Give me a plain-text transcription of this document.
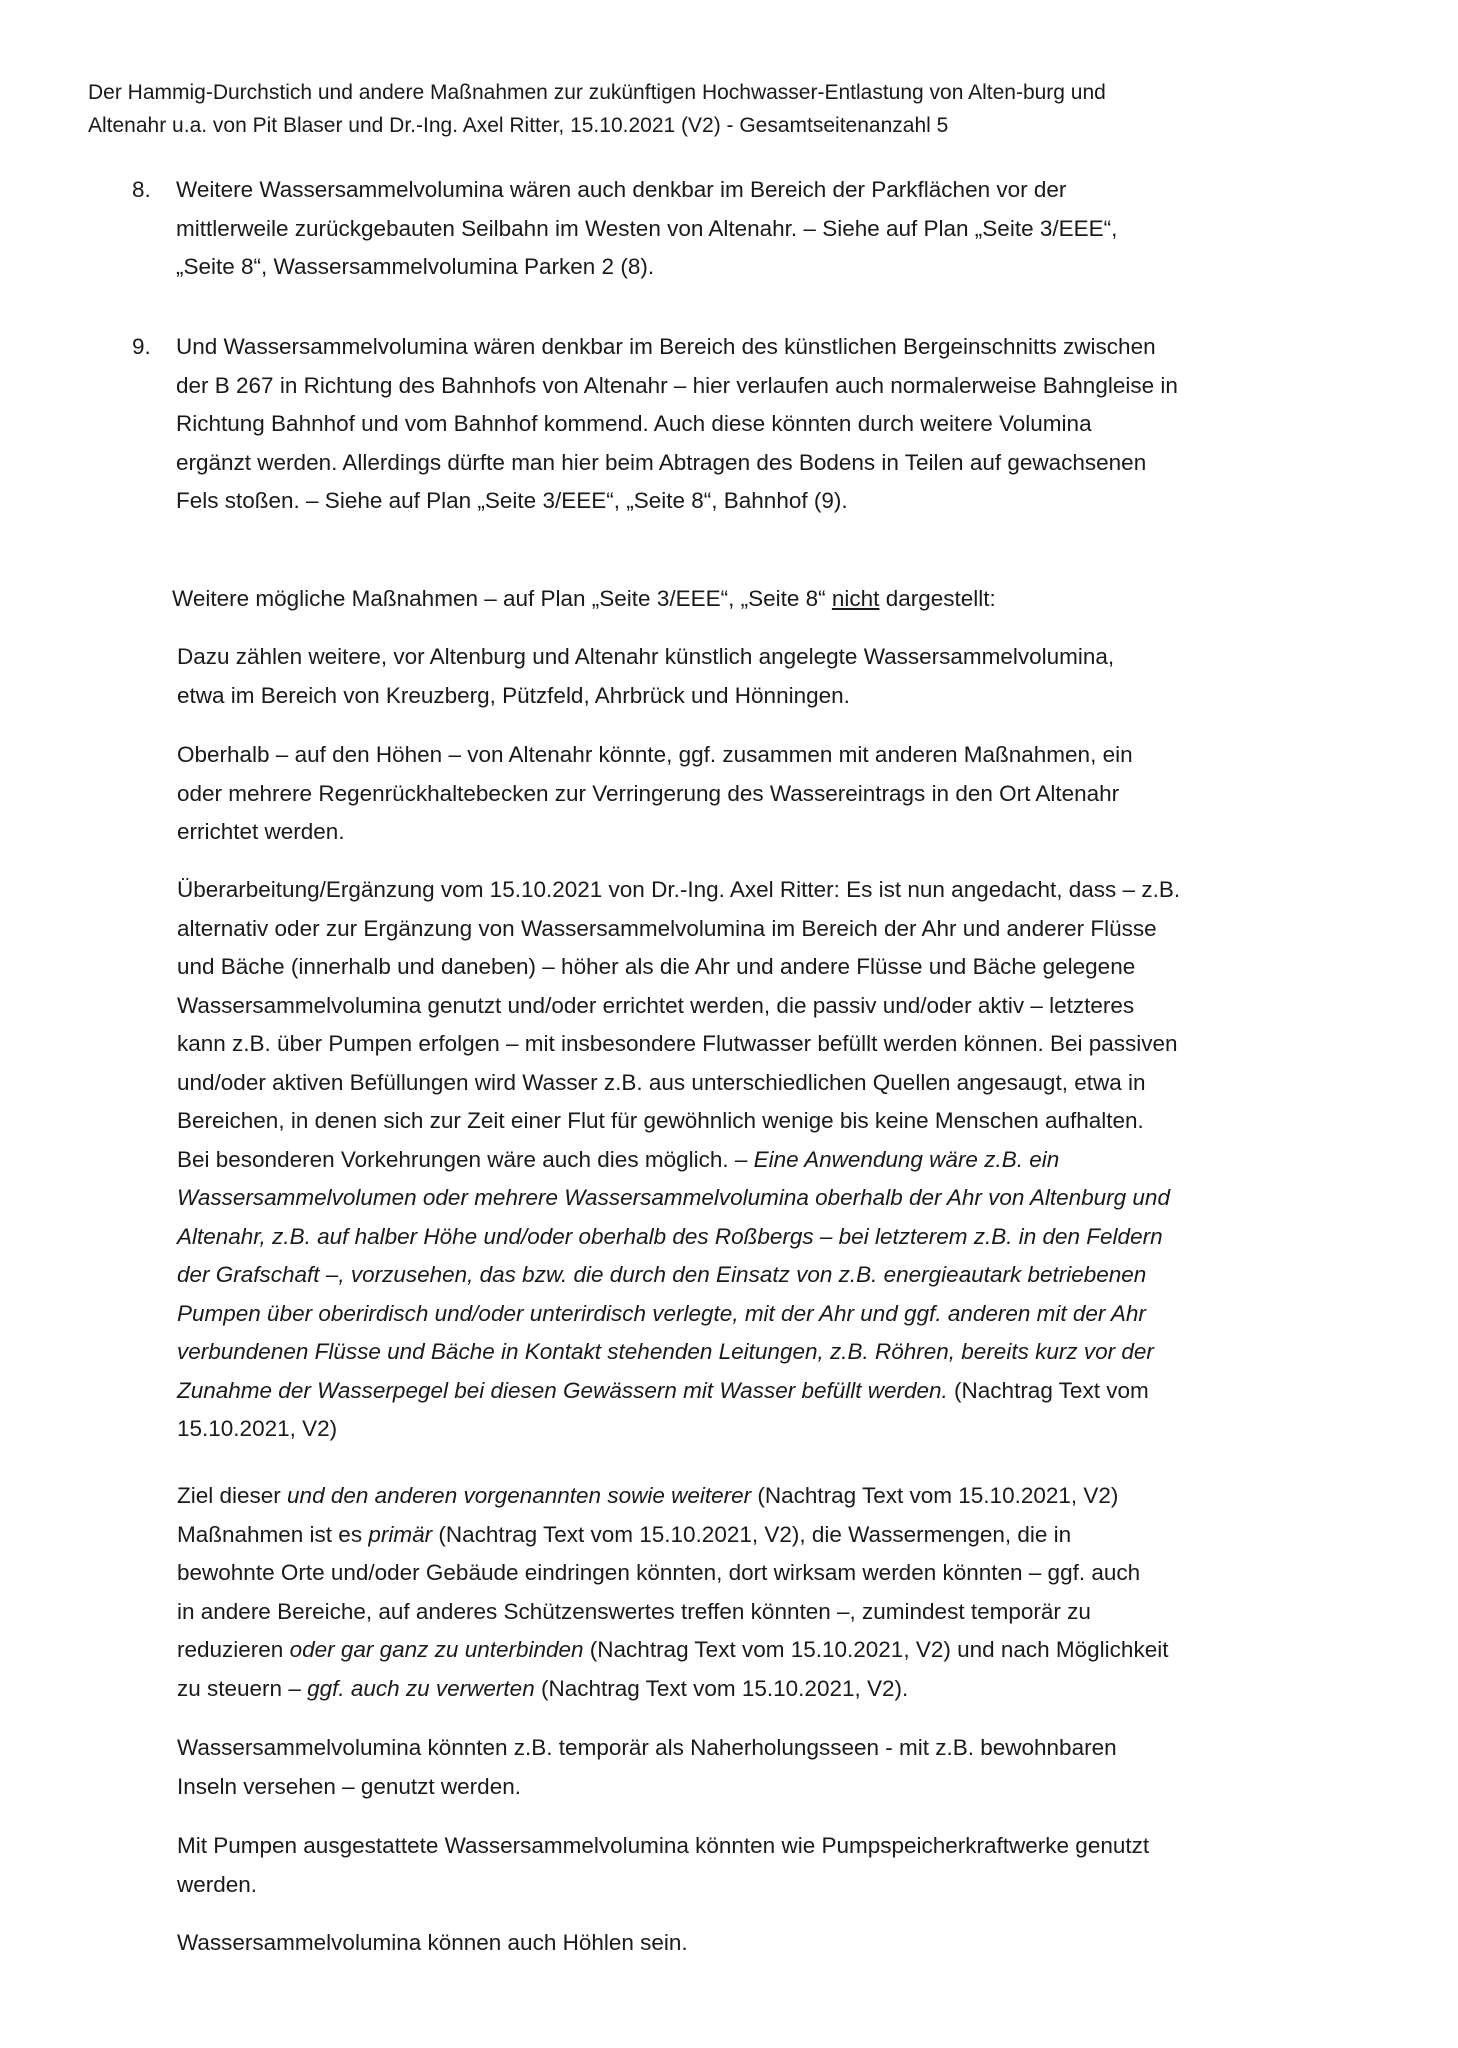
Der Hammig-Durchstich und andere Maßnahmen zur zukünftigen Hochwasser-Entlastung von Alten-burg und

Altenahr u.a. von Pit Blaser und Dr.-Ing. Axel Ritter, 15.10.2021 (V2) - Gesamtseitenanzahl 5

8.	Weitere Wassersammelvolumina wären auch denkbar im Bereich der Parkflächen vor der
mittlerweile zurückgebauten Seilbahn im Westen von Altenahr. – Siehe auf Plan „Seite 3/EEE“,
„Seite 8“, Wassersammelvolumina Parken 2 (8).
9.	Und Wassersammelvolumina wären denkbar im Bereich des künstlichen Bergeinschnitts zwischen
der B 267 in Richtung des Bahnhofs von Altenahr – hier verlaufen auch normalerweise Bahngleise in
Richtung Bahnhof und vom Bahnhof kommend. Auch diese könnten durch weitere Volumina
ergänzt werden. Allerdings dürfte man hier beim Abtragen des Bodens in Teilen auf gewachsenen
Fels stoßen. – Siehe auf Plan „Seite 3/EEE“, „Seite 8“, Bahnhof (9).
Weitere mögliche Maßnahmen – auf Plan „Seite 3/EEE“, „Seite 8“ nicht dargestellt:
Dazu zählen weitere, vor Altenburg und Altenahr künstlich angelegte Wassersammelvolumina,
etwa im Bereich von Kreuzberg, Pützfeld, Ahrbrück und Hönningen.
Oberhalb – auf den Höhen – von Altenahr könnte, ggf. zusammen mit anderen Maßnahmen, ein
oder mehrere Regenrückhaltebecken zur Verringerung des Wassereintrags in den Ort Altenahr
errichtet werden.
Überarbeitung/Ergänzung vom 15.10.2021 von Dr.-Ing. Axel Ritter: Es ist nun angedacht, dass – z.B.
alternativ oder zur Ergänzung von Wassersammelvolumina im Bereich der Ahr und anderer Flüsse
und Bäche (innerhalb und daneben) – höher als die Ahr und andere Flüsse und Bäche gelegene
Wassersammelvolumina genutzt und/oder errichtet werden, die passiv und/oder aktiv – letzteres
kann z.B. über Pumpen erfolgen – mit insbesondere Flutwasser befüllt werden können. Bei passiven
und/oder aktiven Befüllungen wird Wasser z.B. aus unterschiedlichen Quellen angesaugt, etwa in
Bereichen, in denen sich zur Zeit einer Flut für gewöhnlich wenige bis keine Menschen aufhalten.
Bei besonderen Vorkehrungen wäre auch dies möglich. – Eine Anwendung wäre z.B. ein
Wassersammelvolumen oder mehrere Wassersammelvolumina oberhalb der Ahr von Altenburg und
Altenahr, z.B. auf halber Höhe und/oder oberhalb des Roßbergs – bei letzterem z.B. in den Feldern
der Grafschaft –, vorzusehen, das bzw. die durch den Einsatz von z.B. energieautark betriebenen
Pumpen über oberirdisch und/oder unterirdisch verlegte, mit der Ahr und ggf. anderen mit der Ahr
verbundenen Flüsse und Bäche in Kontakt stehenden Leitungen, z.B. Röhren, bereits kurz vor der
Zunahme der Wasserpegel bei diesen Gewässern mit Wasser befüllt werden. (Nachtrag Text vom
15.10.2021, V2)
Ziel dieser und den anderen vorgenannten sowie weiterer (Nachtrag Text vom 15.10.2021, V2)
Maßnahmen ist es primär (Nachtrag Text vom 15.10.2021, V2), die Wassermengen, die in
bewohnte Orte und/oder Gebäude eindringen könnten, dort wirksam werden könnten – ggf. auch
in andere Bereiche, auf anderes Schützenswertes treffen könnten –, zumindest temporär zu
reduzieren oder gar ganz zu unterbinden (Nachtrag Text vom 15.10.2021, V2) und nach Möglichkeit
zu steuern – ggf. auch zu verwerten (Nachtrag Text vom 15.10.2021, V2).
Wassersammelvolumina könnten z.B. temporär als Naherholungsseen - mit z.B. bewohnbaren
Inseln versehen – genutzt werden.
Mit Pumpen ausgestattete Wassersammelvolumina könnten wie Pumpspeicherkraftwerke genutzt
werden.
Wassersammelvolumina können auch Höhlen sein.
